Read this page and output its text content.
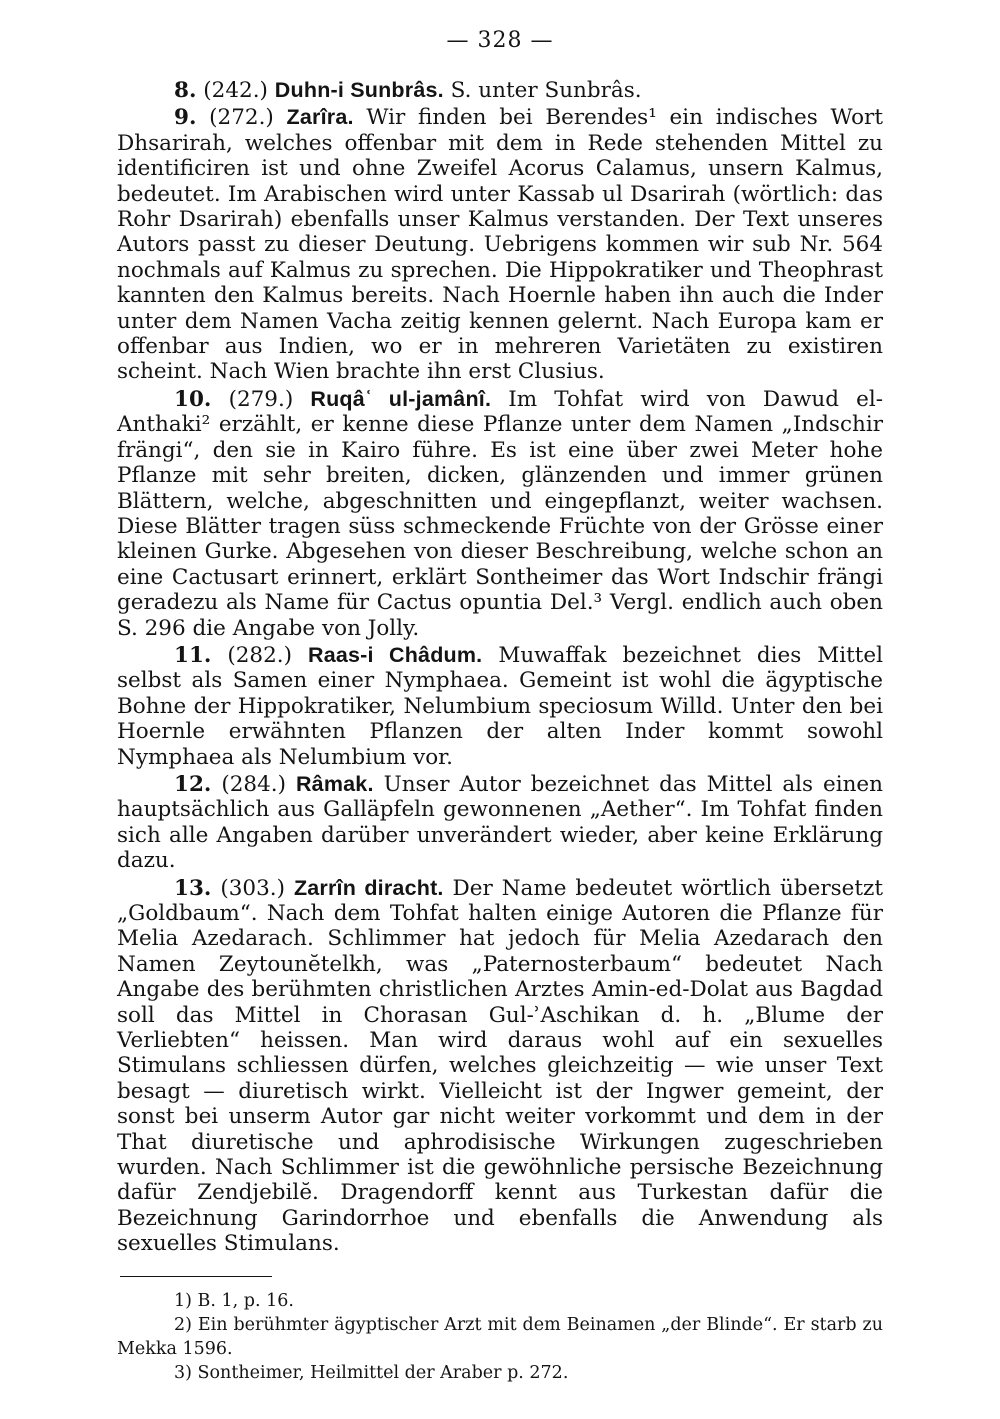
— 328 —

8. (242.) Duhn-i Sunbrâs. S. unter Sunbrâs.

9. (272.) Zarîra. Wir finden bei Berendes¹ ein indisches Wort Dhsarirah, welches offenbar mit dem in Rede stehenden Mittel zu identificiren ist und ohne Zweifel Acorus Calamus, unsern Kalmus, bedeutet. Im Arabischen wird unter Kassab ul Dsarirah (wörtlich: das Rohr Dsarirah) ebenfalls unser Kalmus verstanden. Der Text unseres Autors passt zu dieser Deutung. Uebrigens kommen wir sub Nr. 564 nochmals auf Kalmus zu sprechen. Die Hippokratiker und Theophrast kannten den Kalmus bereits. Nach Hoernle haben ihn auch die Inder unter dem Namen Vacha zeitig kennen gelernt. Nach Europa kam er offenbar aus Indien, wo er in mehreren Varietäten zu existiren scheint. Nach Wien brachte ihn erst Clusius.

10. (279.) Ruqâʿ ul-jamânî. Im Tohfat wird von Dawud el-Anthaki² erzählt, er kenne diese Pflanze unter dem Namen „Indschir frängi“, den sie in Kairo führe. Es ist eine über zwei Meter hohe Pflanze mit sehr breiten, dicken, glänzenden und immer grünen Blättern, welche, abgeschnitten und eingepflanzt, weiter wachsen. Diese Blätter tragen süss schmeckende Früchte von der Grösse einer kleinen Gurke. Abgesehen von dieser Beschreibung, welche schon an eine Cactusart erinnert, erklärt Sontheimer das Wort Indschir frängi geradezu als Name für Cactus opuntia Del.³ Vergl. endlich auch oben S. 296 die Angabe von Jolly.

11. (282.) Raas-i Châdum. Muwaffak bezeichnet dies Mittel selbst als Samen einer Nymphaea. Gemeint ist wohl die ägyptische Bohne der Hippokratiker, Nelumbium speciosum Willd. Unter den bei Hoernle erwähnten Pflanzen der alten Inder kommt sowohl Nymphaea als Nelumbium vor.

12. (284.) Râmak. Unser Autor bezeichnet das Mittel als einen hauptsächlich aus Galläpfeln gewonnenen „Aether“. Im Tohfat finden sich alle Angaben darüber unverändert wieder, aber keine Erklärung dazu.

13. (303.) Zarrîn diracht. Der Name bedeutet wörtlich übersetzt „Goldbaum“. Nach dem Tohfat halten einige Autoren die Pflanze für Melia Azedarach. Schlimmer hat jedoch für Melia Azedarach den Namen Zeytounĕtelkh, was „Paternosterbaum“ bedeutet Nach Angabe des berühmten christlichen Arztes Amin-ed-Dolat aus Bagdad soll das Mittel in Chorasan Gul-ʾAschikan d. h. „Blume der Verliebten“ heissen. Man wird daraus wohl auf ein sexuelles Stimulans schliessen dürfen, welches gleichzeitig — wie unser Text besagt — diuretisch wirkt. Vielleicht ist der Ingwer gemeint, der sonst bei unserm Autor gar nicht weiter vorkommt und dem in der That diuretische und aphrodisische Wirkungen zugeschrieben wurden. Nach Schlimmer ist die gewöhnliche persische Bezeichnung dafür Zendjebilĕ. Dragendorff kennt aus Turkestan dafür die Bezeichnung Garindorrhoe und ebenfalls die Anwendung als sexuelles Stimulans.

1) B. 1, p. 16.

2) Ein berühmter ägyptischer Arzt mit dem Beinamen „der Blinde“. Er starb zu Mekka 1596.

3) Sontheimer, Heilmittel der Araber p. 272.
